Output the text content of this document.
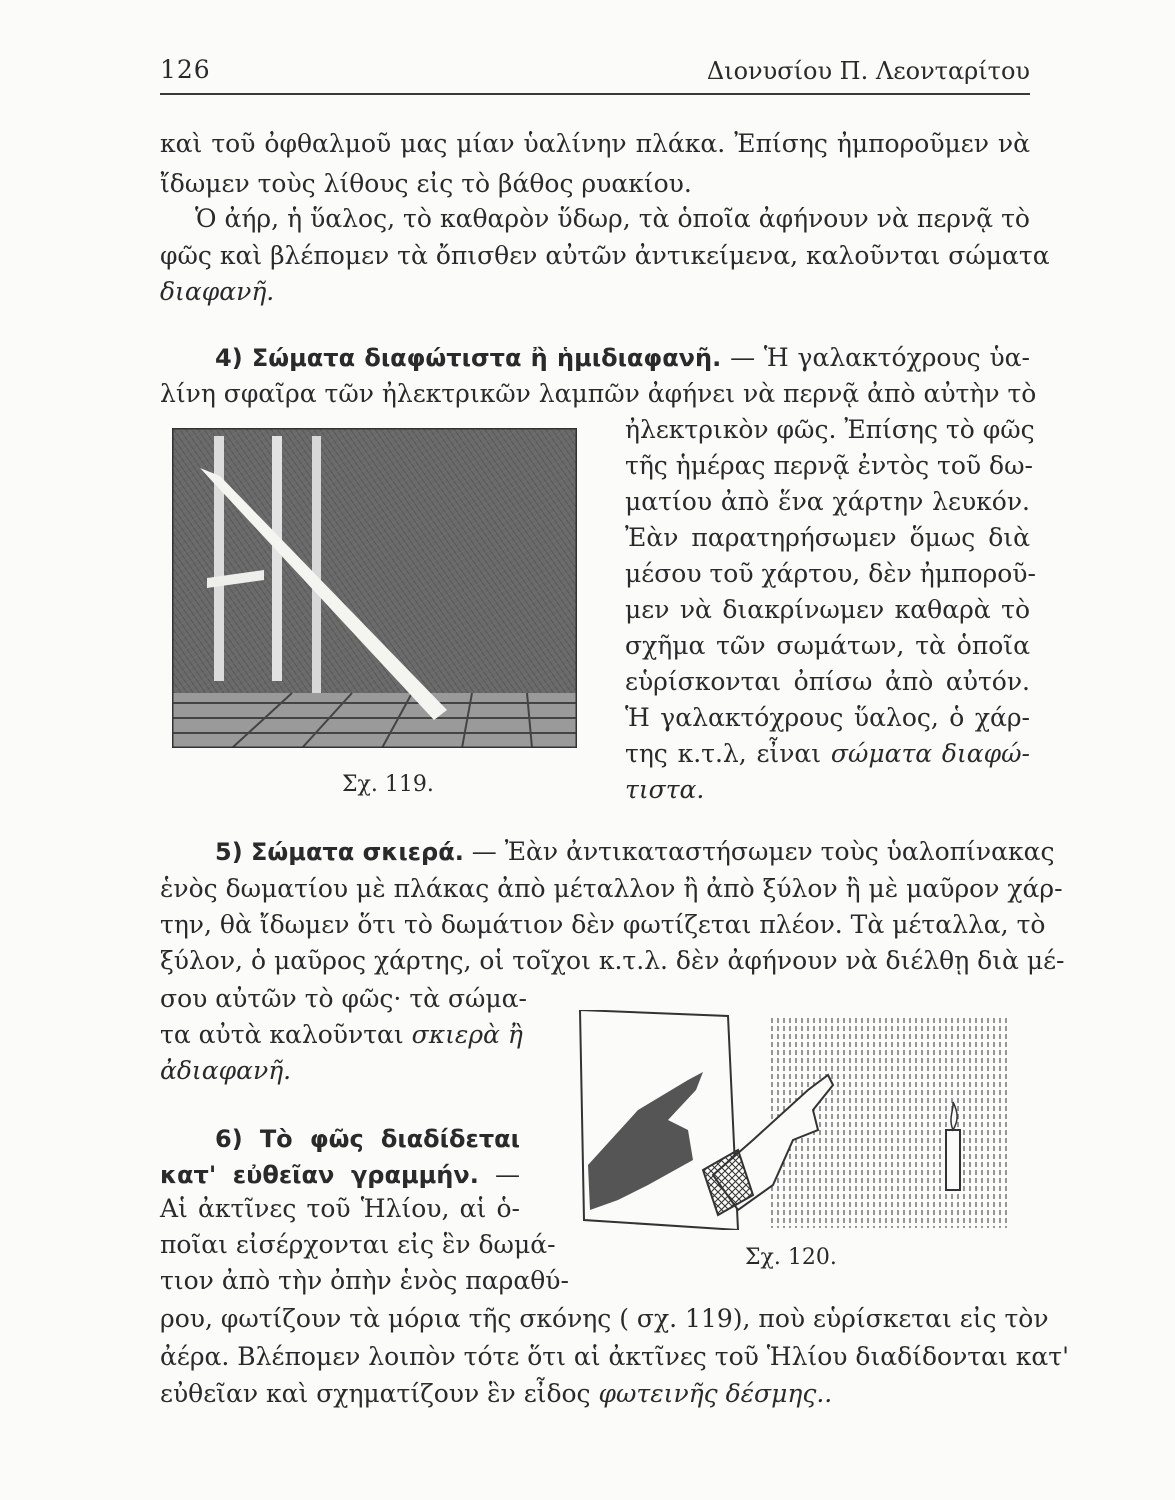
126	Διονυσίου Π. Λεονταρίτου
καὶ τοῦ ὀφθαλμοῦ μας μίαν ὑαλίνην πλάκα. Ἐπίσης ἠμποροῦμεν νὰ
ἴδωμεν τοὺς λίθους εἰς τὸ βάθος ρυακίου.
Ὁ ἀήρ, ἡ ὕαλος, τὸ καθαρὸν ὕδωρ, τὰ ὁποῖα ἀφήνουν νὰ περνᾷ τὸ
φῶς καὶ βλέπομεν τὰ ὄπισθεν αὐτῶν ἀντικείμενα, καλοῦνται σώματα
διαφανῆ.
4) Σώματα διαφώτιστα ἢ ἡμιδιαφανῆ. — Ἡ γαλακτόχρους ὑα-
λίνη σφαῖρα τῶν ἠλεκτρικῶν λαμπῶν ἀφήνει νὰ περνᾷ ἀπὸ αὐτὴν τὸ
Σχ. 119.
ἠλεκτρικὸν φῶς. Ἐπίσης τὸ φῶς
τῆς ἡμέρας περνᾷ ἐντὸς τοῦ δω-
ματίου ἀπὸ ἕνα χάρτην λευκόν.
Ἐὰν παρατηρήσωμεν ὅμως διὰ
μέσου τοῦ χάρτου, δὲν ἠμποροῦ-
μεν νὰ διακρίνωμεν καθαρὰ τὸ
σχῆμα τῶν σωμάτων, τὰ ὁποῖα
εὑρίσκονται ὀπίσω ἀπὸ αὐτόν.
Ἡ γαλακτόχρους ὕαλος, ὁ χάρ-
της κ.τ.λ, εἶναι σώματα διαφώ-
τιστα.
5) Σώματα σκιερά. — Ἐὰν ἀντικαταστήσωμεν τοὺς ὑαλοπίνακας
ἑνὸς δωματίου μὲ πλάκας ἀπὸ μέταλλον ἢ ἀπὸ ξύλον ἢ μὲ μαῦρον χάρ-
την, θὰ ἴδωμεν ὅτι τὸ δωμάτιον δὲν φωτίζεται πλέον. Τὰ μέταλλα, τὸ
ξύλον, ὁ μαῦρος χάρτης, οἱ τοῖχοι κ.τ.λ. δὲν ἀφήνουν νὰ διέλθῃ διὰ μέ-
σου αὐτῶν τὸ φῶς· τὰ σώμα-
τα αὐτὰ καλοῦνται σκιερὰ ἢ
ἀδιαφανῆ.
6) Τὸ φῶς διαδίδεται
κατ' εὐθεῖαν γραμμήν. —
Αἱ ἀκτῖνες τοῦ Ἡλίου, αἱ ὁ-
ποῖαι εἰσέρχονται εἰς ἓν δωμά-
τιον ἀπὸ τὴν ὀπὴν ἑνὸς παραθύ-
Σχ. 120.
ρου, φωτίζουν τὰ μόρια τῆς σκόνης ( σχ. 119), ποὺ εὑρίσκεται εἰς τὸν
ἀέρα. Βλέπομεν λοιπὸν τότε ὅτι αἱ ἀκτῖνες τοῦ Ἡλίου διαδίδονται κατ'
εὐθεῖαν καὶ σχηματίζουν ἓν εἶδος φωτεινῆς δέσμης..
